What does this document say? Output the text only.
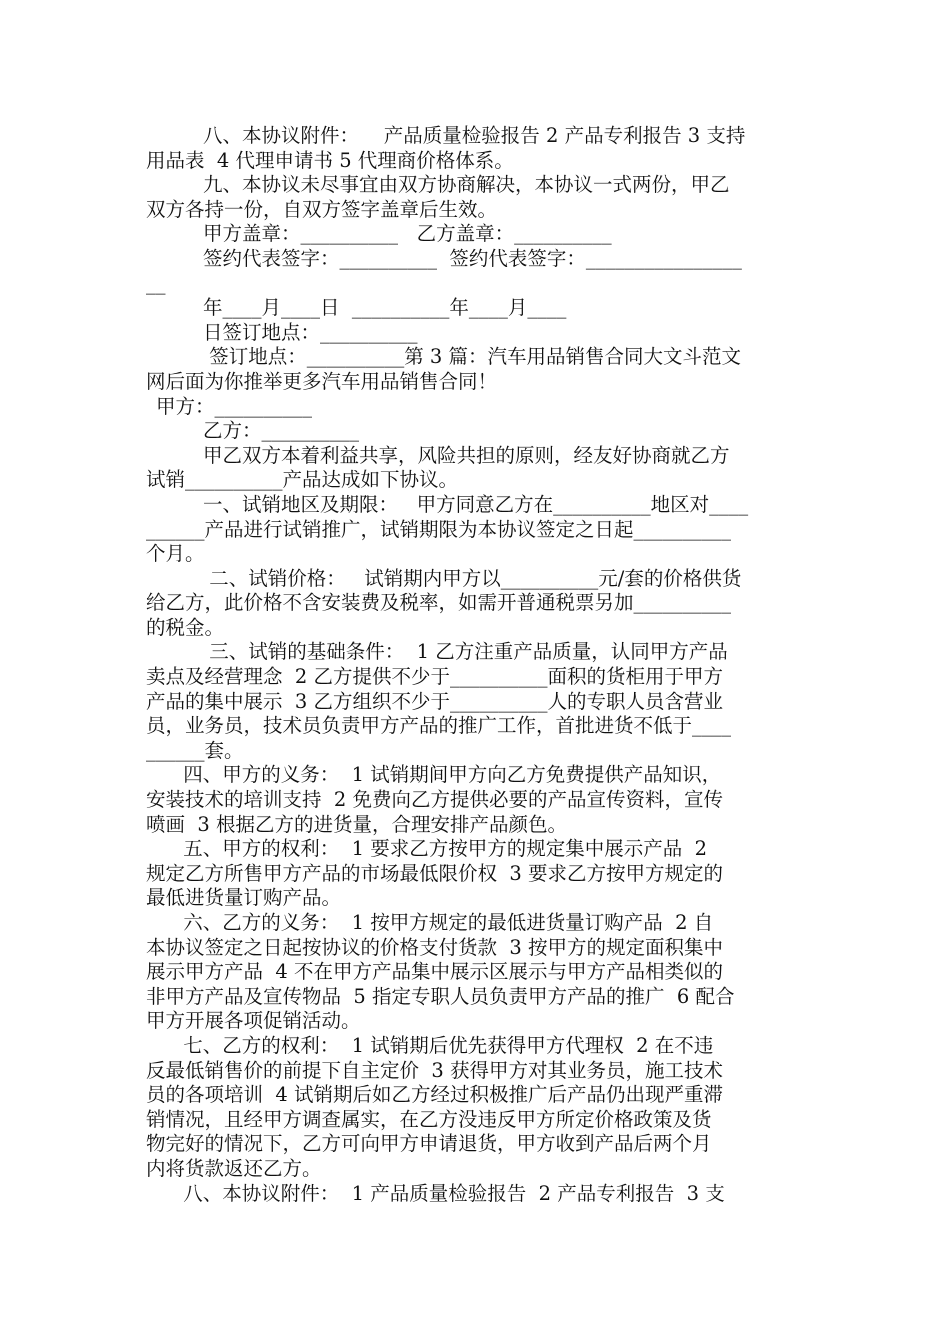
八、本协议附件：    产品质量检验报告 2 产品专利报告 3 支持
用品表  4 代理申请书 5 代理商价格体系。
九、本协议未尽事宜由双方协商解决，本协议一式两份，甲乙
双方各持一份，自双方签字盖章后生效。
甲方盖章：__________   乙方盖章：__________
签约代表签字：__________  签约代表签字：________________
__
年____月____日  __________年____月____
日签订地点：__________
签订地点：__________第 3 篇：汽车用品销售合同大文斗范文
网后面为你推举更多汽车用品销售合同！
甲方：__________
乙方：__________
甲乙双方本着利益共享，风险共担的原则，经友好协商就乙方
试销__________产品达成如下协议。
一、试销地区及期限：   甲方同意乙方在__________地区对____
______产品进行试销推广，试销期限为本协议签定之日起__________
个月。
二、试销价格：   试销期内甲方以__________元/套的价格供货
给乙方，此价格不含安装费及税率，如需开普通税票另加__________
的税金。
三、试销的基础条件：  1 乙方注重产品质量，认同甲方产品
卖点及经营理念  2 乙方提供不少于__________面积的货柜用于甲方
产品的集中展示  3 乙方组织不少于__________人的专职人员含营业
员，业务员，技术员负责甲方产品的推广工作，首批进货不低于____
______套。
四、甲方的义务：  1 试销期间甲方向乙方免费提供产品知识，
安装技术的培训支持  2 免费向乙方提供必要的产品宣传资料，宣传
喷画  3 根据乙方的进货量，合理安排产品颜色。
五、甲方的权利：  1 要求乙方按甲方的规定集中展示产品  2
规定乙方所售甲方产品的市场最低限价权  3 要求乙方按甲方规定的
最低进货量订购产品。
六、乙方的义务：  1 按甲方规定的最低进货量订购产品  2 自
本协议签定之日起按协议的价格支付货款  3 按甲方的规定面积集中
展示甲方产品  4 不在甲方产品集中展示区展示与甲方产品相类似的
非甲方产品及宣传物品  5 指定专职人员负责甲方产品的推广  6 配合
甲方开展各项促销活动。
七、乙方的权利：  1 试销期后优先获得甲方代理权  2 在不违
反最低销售价的前提下自主定价  3 获得甲方对其业务员，施工技术
员的各项培训  4 试销期后如乙方经过积极推广后产品仍出现严重滞
销情况，且经甲方调查属实，在乙方没违反甲方所定价格政策及货
物完好的情况下，乙方可向甲方申请退货，甲方收到产品后两个月
内将货款返还乙方。
八、本协议附件：  1 产品质量检验报告  2 产品专利报告  3 支
